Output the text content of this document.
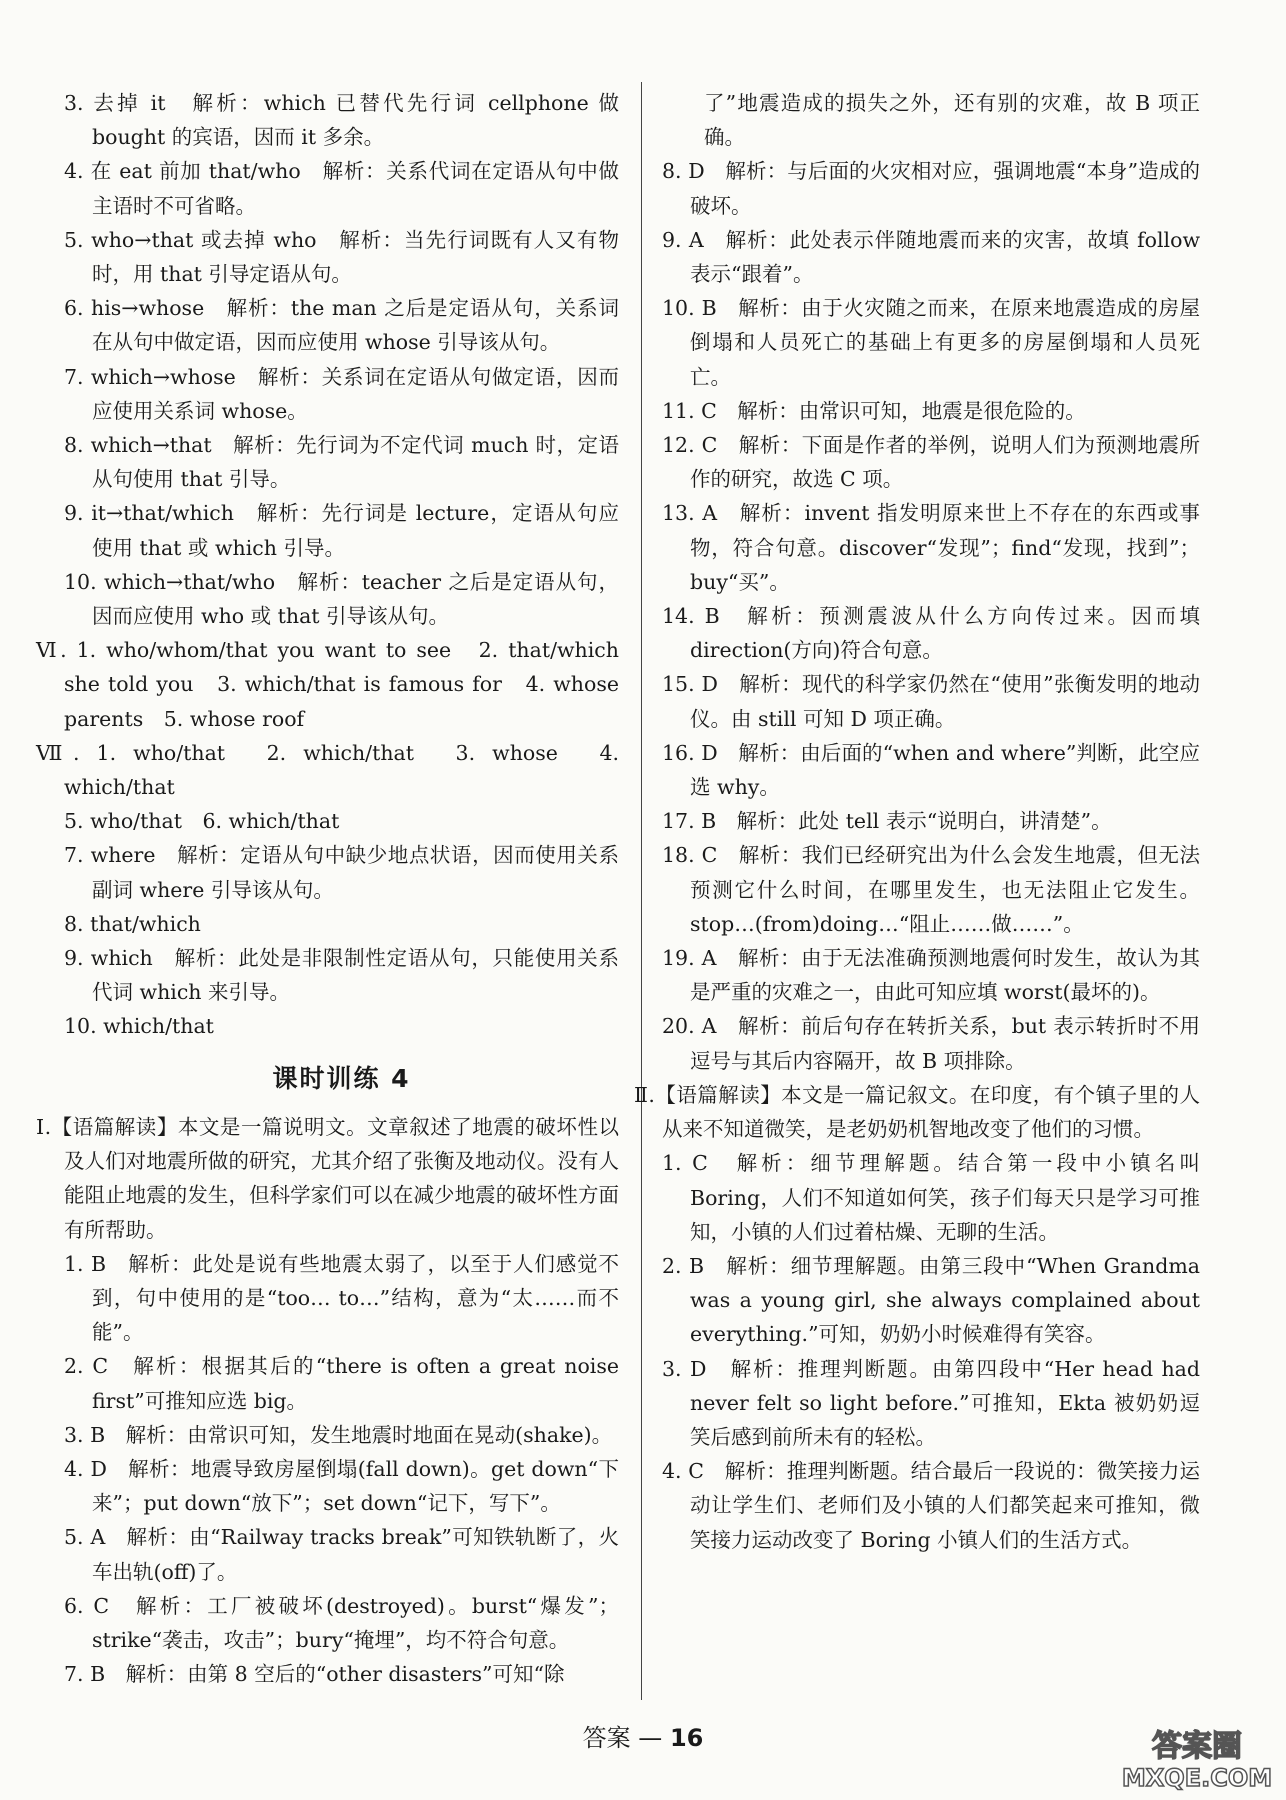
3. 去掉 it　解析：which 已替代先行词 cellphone 做 bought 的宾语，因而 it 多余。

4. 在 eat 前加 that/who　解析：关系代词在定语从句中做主语时不可省略。

5. who→that 或去掉 who　解析：当先行词既有人又有物时，用 that 引导定语从句。

6. his→whose　解析：the man 之后是定语从句，关系词在从句中做定语，因而应使用 whose 引导该从句。

7. which→whose　解析：关系词在定语从句做定语，因而应使用关系词 whose。

8. which→that　解析：先行词为不定代词 much 时，定语从句使用 that 引导。

9. it→that/which　解析：先行词是 lecture，定语从句应使用 that 或 which 引导。

10. which→that/who　解析：teacher 之后是定语从句，因而应使用 who 或 that 引导该从句。

Ⅵ. 1. who/whom/that you want to see　2. that/which she told you　3. which/that is famous for　4. whose parents　5. whose roof

Ⅶ. 1. who/that　2. which/that　3. whose　4. which/that

5. who/that　6. which/that

7. where　解析：定语从句中缺少地点状语，因而使用关系副词 where 引导该从句。

8. that/which

9. which　解析：此处是非限制性定语从句，只能使用关系代词 which 来引导。

10. which/that

课时训练 4

Ⅰ.【语篇解读】本文是一篇说明文。文章叙述了地震的破坏性以及人们对地震所做的研究，尤其介绍了张衡及地动仪。没有人能阻止地震的发生，但科学家们可以在减少地震的破坏性方面有所帮助。

1. B　解析：此处是说有些地震太弱了，以至于人们感觉不到，句中使用的是“too… to…”结构，意为“太……而不能”。

2. C　解析：根据其后的“there is often a great noise first”可推知应选 big。

3. B　解析：由常识可知，发生地震时地面在晃动(shake)。

4. D　解析：地震导致房屋倒塌(fall down)。get down“下来”；put down“放下”；set down“记下，写下”。

5. A　解析：由“Railway tracks break”可知铁轨断了，火车出轨(off)了。

6. C　解析：工厂被破坏(destroyed)。burst“爆发”；strike“袭击，攻击”；bury“掩埋”，均不符合句意。

7. B　解析：由第 8 空后的“other disasters”可知“除

了”地震造成的损失之外，还有别的灾难，故 B 项正确。

8. D　解析：与后面的火灾相对应，强调地震“本身”造成的破坏。

9. A　解析：此处表示伴随地震而来的灾害，故填 follow表示“跟着”。

10. B　解析：由于火灾随之而来，在原来地震造成的房屋倒塌和人员死亡的基础上有更多的房屋倒塌和人员死亡。

11. C　解析：由常识可知，地震是很危险的。

12. C　解析：下面是作者的举例，说明人们为预测地震所作的研究，故选 C 项。

13. A　解析：invent 指发明原来世上不存在的东西或事物，符合句意。discover“发现”；find“发现，找到”；buy“买”。

14. B　解析：预测震波从什么方向传过来。因而填 direction(方向)符合句意。

15. D　解析：现代的科学家仍然在“使用”张衡发明的地动仪。由 still 可知 D 项正确。

16. D　解析：由后面的“when and where”判断，此空应选 why。

17. B　解析：此处 tell 表示“说明白，讲清楚”。

18. C　解析：我们已经研究出为什么会发生地震，但无法预测它什么时间，在哪里发生，也无法阻止它发生。stop…(from)doing…“阻止……做……”。

19. A　解析：由于无法准确预测地震何时发生，故认为其是严重的灾难之一，由此可知应填 worst(最坏的)。

20. A　解析：前后句存在转折关系，but 表示转折时不用逗号与其后内容隔开，故 B 项排除。

Ⅱ.【语篇解读】本文是一篇记叙文。在印度，有个镇子里的人从来不知道微笑，是老奶奶机智地改变了他们的习惯。

1. C　解析：细节理解题。结合第一段中小镇名叫 Boring，人们不知道如何笑，孩子们每天只是学习可推知，小镇的人们过着枯燥、无聊的生活。

2. B　解析：细节理解题。由第三段中“When Grandma was a young girl, she always complained about everything.”可知，奶奶小时候难得有笑容。

3. D　解析：推理判断题。由第四段中“Her head had never felt so light before.”可推知，Ekta 被奶奶逗笑后感到前所未有的轻松。

4. C　解析：推理判断题。结合最后一段说的：微笑接力运动让学生们、老师们及小镇的人们都笑起来可推知，微笑接力运动改变了 Boring 小镇人们的生活方式。

答案 — 16	答案圈
MXQE.COM
